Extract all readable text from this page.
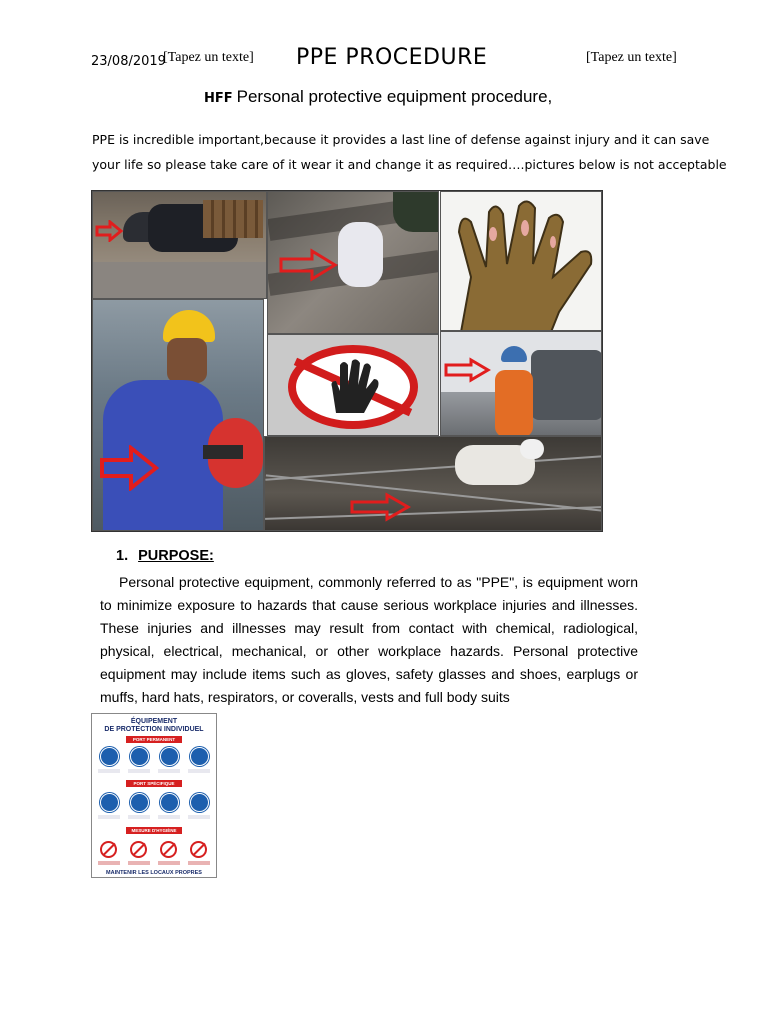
23/08/2019
[Tapez un texte] PPE PROCEDURE	[Tapez un texte]
HFF Personal protective equipment procedure,

PPE is incredible important,because it provides a last line of defense against injury and it can save

your life so please take care of it wear it and change it as required….pictures below is not acceptable

1. PURPOSE:

Personal protective equipment, commonly referred to as "PPE", is equipment worn to minimize exposure to hazards that cause serious workplace injuries and illnesses. These injuries and illnesses may result from contact with chemical, radiological, physical, electrical, mechanical, or other workplace hazards. Personal protective equipment may include items such as gloves, safety glasses and shoes, earplugs or muffs, hard hats, respirators, or coveralls, vests and full body suits

ÉQUIPEMENT
DE PROTECTION INDIVIDUEL
PORT PERMANENT
PORT SPÉCIFIQUE
MESURE D'HYGIÈNE
MAINTENIR LES LOCAUX PROPRES
